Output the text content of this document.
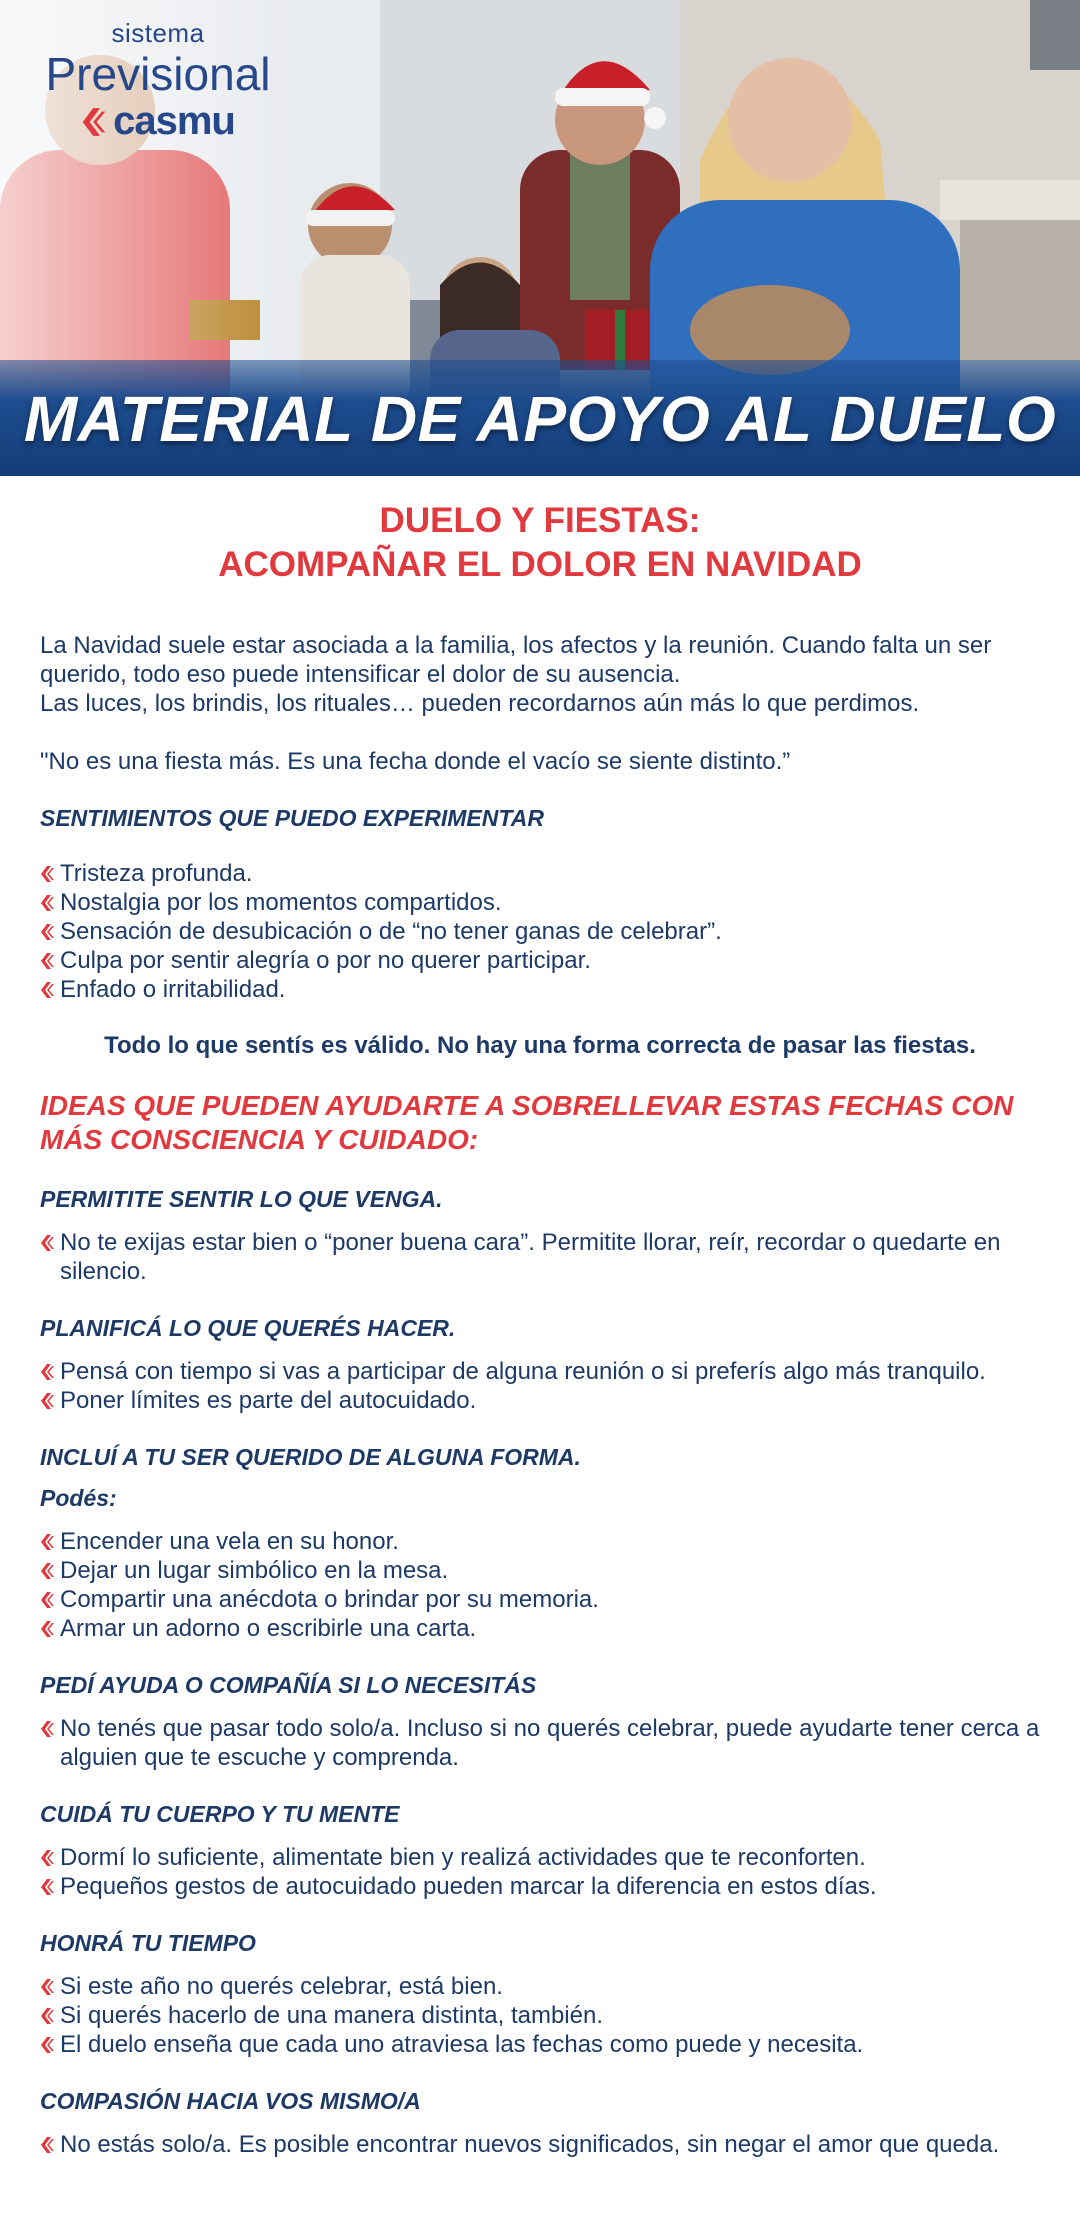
sistema
Previsional
casmu
MATERIAL DE APOYO AL DUELO
DUELO Y FIESTAS:
ACOMPAÑAR EL DOLOR EN NAVIDAD

La Navidad suele estar asociada a la familia, los afectos y la reunión. Cuando falta un ser querido, todo eso puede intensificar el dolor de su ausencia.

Las luces, los brindis, los rituales… pueden recordarnos aún más lo que perdimos.

"No es una fiesta más. Es una fecha donde el vacío se siente distinto.”

SENTIMIENTOS QUE PUEDO EXPERIMENTAR
Tristeza profunda.
Nostalgia por los momentos compartidos.
Sensación de desubicación o de “no tener ganas de celebrar”.
Culpa por sentir alegría o por no querer participar.
Enfado o irritabilidad.
Todo lo que sentís es válido. No hay una forma correcta de pasar las fiestas.
IDEAS QUE PUEDEN AYUDARTE A SOBRELLEVAR ESTAS FECHAS CON MÁS CONSCIENCIA Y CUIDADO:
PERMITITE SENTIR LO QUE VENGA.
No te exijas estar bien o “poner buena cara”. Permitite llorar, reír, recordar o quedarte en silencio.
PLANIFICÁ LO QUE QUERÉS HACER.
Pensá con tiempo si vas a participar de alguna reunión o si preferís algo más tranquilo.
Poner límites es parte del autocuidado.
INCLUÍ A TU SER QUERIDO DE ALGUNA FORMA.
Podés:
Encender una vela en su honor.
Dejar un lugar simbólico en la mesa.
Compartir una anécdota o brindar por su memoria.
Armar un adorno o escribirle una carta.
PEDÍ AYUDA O COMPAÑÍA SI LO NECESITÁS
No tenés que pasar todo solo/a. Incluso si no querés celebrar, puede ayudarte tener cerca a alguien que te escuche y comprenda.
CUIDÁ TU CUERPO Y TU MENTE
Dormí lo suficiente, alimentate bien y realizá actividades que te reconforten.
Pequeños gestos de autocuidado pueden marcar la diferencia en estos días.
HONRÁ TU TIEMPO
Si este año no querés celebrar, está bien.
Si querés hacerlo de una manera distinta, también.
El duelo enseña que cada uno atraviesa las fechas como puede y necesita.
COMPASIÓN HACIA VOS MISMO/A
No estás solo/a. Es posible encontrar nuevos significados, sin negar el amor que queda.
